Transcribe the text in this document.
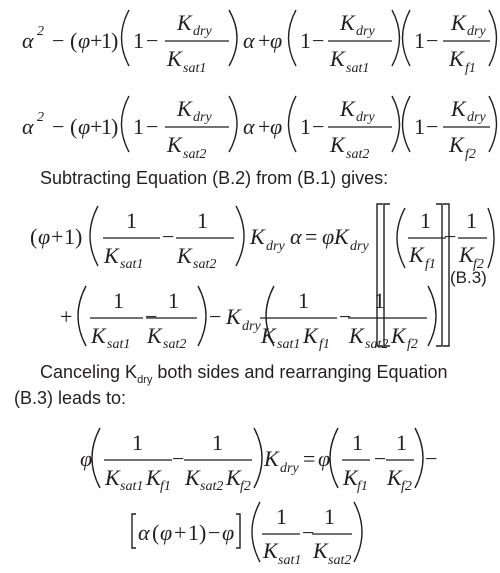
α 2 − ( φ +
1 ) 1 −
K dry
K sat1
α + φ 1 −
K dry
K sat1
1 −
K dry
K f1
α 2 − ( φ +
1 ) 1 −
K dry
K sat2
α + φ 1 −
K dry
K sat2
1 −
K dry
K f2

Subtracting Equation (B.2) from (B.1) gives:

( φ + 1 )
1
K sat1
−
1
K sat2
K dry α = φ K dry
1
K f1
−
1
K f2

(B.3)

+
1
K sat1
−
1
K sat2
− K dry
1
K sat1 K f1
−
1
K sat2 K f2

Canceling $K_{dry}$ both sides and rearranging Equation

(B.3) leads to:

φ
1
K sat1 K f1
−
1
K sat2 K f2
K dry = φ
1
K f1
−
1
K f2
−
α ( φ + 1 ) − φ
1
K sat1
−
1
K sat2
